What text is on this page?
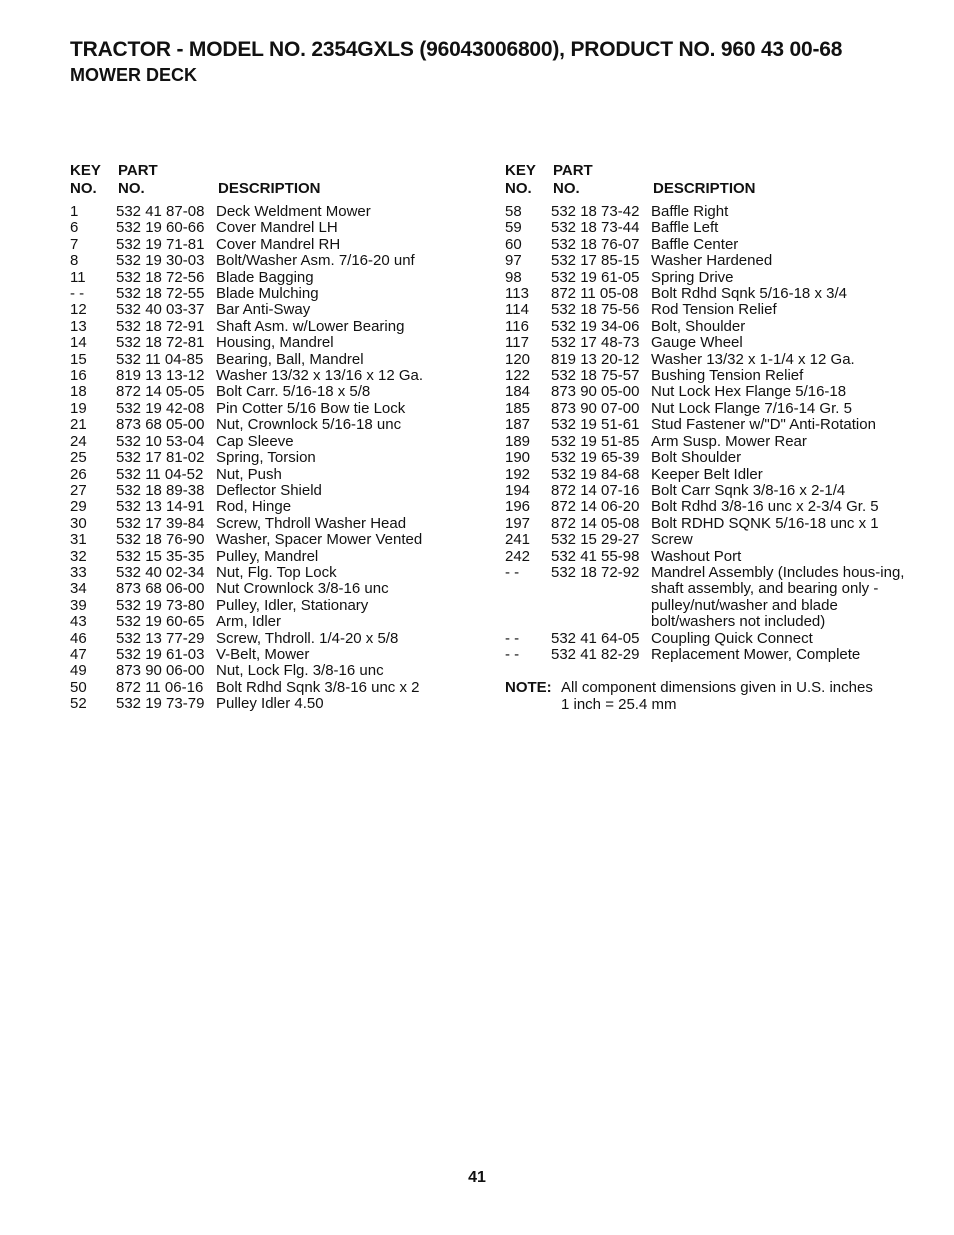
TRACTOR - MODEL NO. 2354GXLS (96043006800), PRODUCT NO. 960 43 00-68
MOWER DECK
KEY
NO.
PART
NO.	DESCRIPTION
1	532 41 87-08 Deck Weldment Mower
6	532 19 60-66 Cover Mandrel LH
7	532 19 71-81 Cover Mandrel RH
8	532 19 30-03 Bolt/Washer Asm. 7/16-20 unf
11	532 18 72-56 Blade Bagging
- -	532 18 72-55 Blade Mulching
12	532 40 03-37 Bar Anti-Sway
13	532 18 72-91 Shaft Asm. w/Lower Bearing
14	532 18 72-81 Housing, Mandrel
15	532 11 04-85 Bearing, Ball, Mandrel
16	819 13 13-12 Washer 13/32 x 13/16 x 12 Ga.
18	872 14 05-05 Bolt Carr. 5/16-18 x 5/8
19	532 19 42-08 Pin Cotter 5/16 Bow tie Lock
21	873 68 05-00 Nut, Crownlock 5/16-18 unc
24	532 10 53-04 Cap Sleeve
25	532 17 81-02 Spring, Torsion
26	532 11 04-52 Nut, Push
27	532 18 89-38 Deflector Shield
29	532 13 14-91 Rod, Hinge
30	532 17 39-84 Screw, Thdroll Washer Head
31	532 18 76-90 Washer, Spacer Mower Vented
32	532 15 35-35 Pulley, Mandrel
33	532 40 02-34 Nut, Flg. Top Lock
34	873 68 06-00 Nut Crownlock 3/8-16 unc
39	532 19 73-80 Pulley, Idler, Stationary
43	532 19 60-65 Arm, Idler
46	532 13 77-29 Screw, Thdroll. 1/4-20 x 5/8
47	532 19 61-03 V-Belt, Mower
49	873 90 06-00 Nut, Lock Flg. 3/8-16 unc
50	872 11 06-16 Bolt Rdhd Sqnk 3/8-16 unc x 2
52	532 19 73-79 Pulley Idler 4.50
KEY
NO.
PART
NO.	DESCRIPTION
58	532 18 73-42 Baffle Right
59	532 18 73-44 Baffle Left
60	532 18 76-07 Baffle Center
97	532 17 85-15 Washer Hardened
98	532 19 61-05 Spring Drive
113	872 11 05-08 Bolt Rdhd Sqnk 5/16-18 x 3/4
114	532 18 75-56 Rod Tension Relief
116	532 19 34-06 Bolt, Shoulder
117	532 17 48-73 Gauge Wheel
120	819 13 20-12 Washer 13/32 x 1-1/4 x 12 Ga.
122	532 18 75-57 Bushing Tension Relief
184	873 90 05-00 Nut Lock Hex Flange 5/16-18
185	873 90 07-00 Nut Lock Flange 7/16-14 Gr. 5
187	532 19 51-61 Stud Fastener w/"D" Anti-Rotation
189	532 19 51-85 Arm Susp. Mower Rear
190	532 19 65-39 Bolt Shoulder
192	532 19 84-68 Keeper Belt Idler
194	872 14 07-16 Bolt Carr Sqnk 3/8-16 x 2-1/4
196	872 14 06-20 Bolt Rdhd 3/8-16 unc x 2-3/4 Gr. 5
197	872 14 05-08 Bolt RDHD SQNK 5/16-18 unc x 1
241	532 15 29-27 Screw
242	532 41 55-98 Washout Port
- -	532 18 72-92 Mandrel Assembly (Includes hous-ing, shaft assembly, and bearing only - pulley/nut/washer and blade bolt/washers not included)
- -	532 41 64-05 Coupling Quick Connect
- -	532 41 82-29 Replacement Mower, Complete
NOTE: All component dimensions given in U.S. inches
1 inch = 25.4 mm
41
